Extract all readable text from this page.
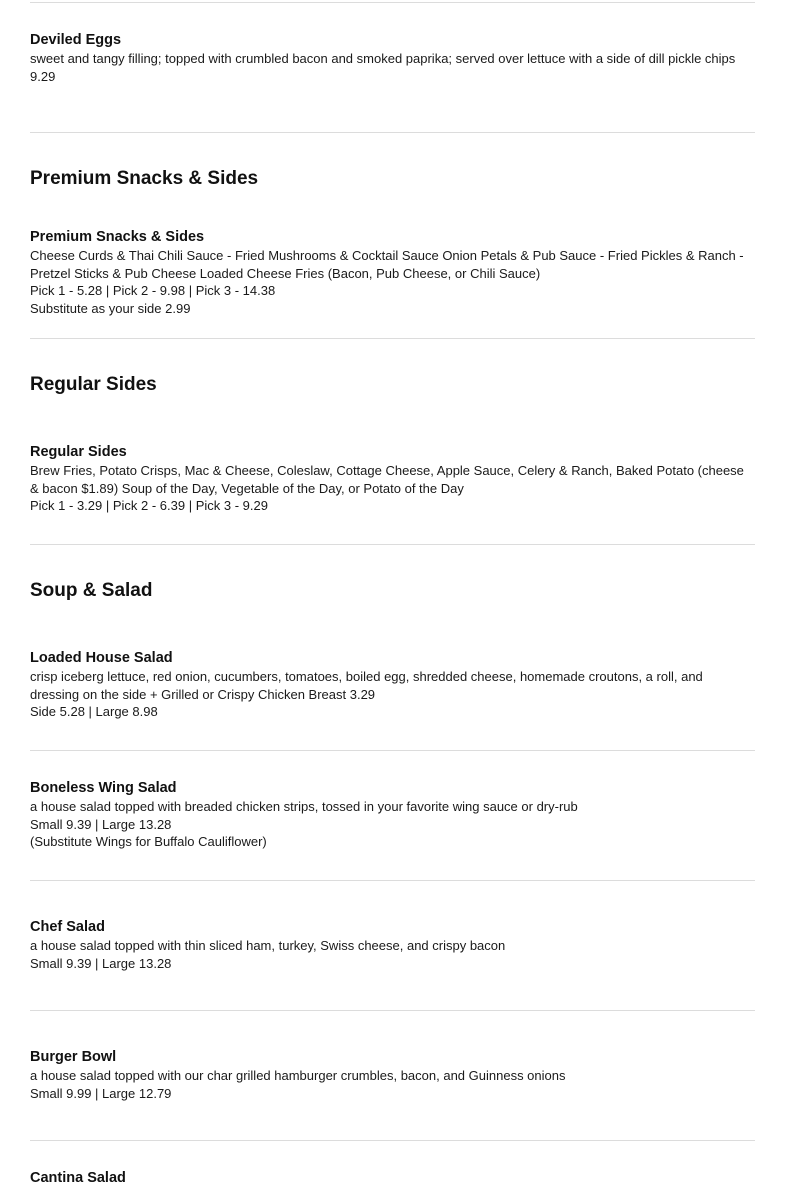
Deviled Eggs
sweet and tangy filling; topped with crumbled bacon and smoked paprika; served over lettuce with a side of dill pickle chips
9.29
Premium Snacks & Sides
Premium Snacks & Sides
Cheese Curds & Thai Chili Sauce - Fried Mushrooms & Cocktail Sauce Onion Petals & Pub Sauce - Fried Pickles & Ranch - Pretzel Sticks & Pub Cheese Loaded Cheese Fries (Bacon, Pub Cheese, or Chili Sauce)
Pick 1 - 5.28 | Pick 2 - 9.98 | Pick 3 - 14.38
Substitute as your side 2.99
Regular Sides
Regular Sides
Brew Fries, Potato Crisps, Mac & Cheese, Coleslaw, Cottage Cheese, Apple Sauce, Celery & Ranch, Baked Potato (cheese & bacon $1.89) Soup of the Day, Vegetable of the Day, or Potato of the Day
Pick 1 - 3.29 | Pick 2 - 6.39 | Pick 3 - 9.29
Soup & Salad
Loaded House Salad
crisp iceberg lettuce, red onion, cucumbers, tomatoes, boiled egg, shredded cheese, homemade croutons, a roll, and dressing on the side + Grilled or Crispy Chicken Breast 3.29
Side 5.28 | Large 8.98
Boneless Wing Salad
a house salad topped with breaded chicken strips, tossed in your favorite wing sauce or dry-rub
Small 9.39 | Large 13.28
(Substitute Wings for Buffalo Cauliflower)
Chef Salad
a house salad topped with thin sliced ham, turkey, Swiss cheese, and crispy bacon
Small 9.39 | Large 13.28
Burger Bowl
a house salad topped with our char grilled hamburger crumbles, bacon, and Guinness onions
Small 9.99 | Large 12.79
Cantina Salad
